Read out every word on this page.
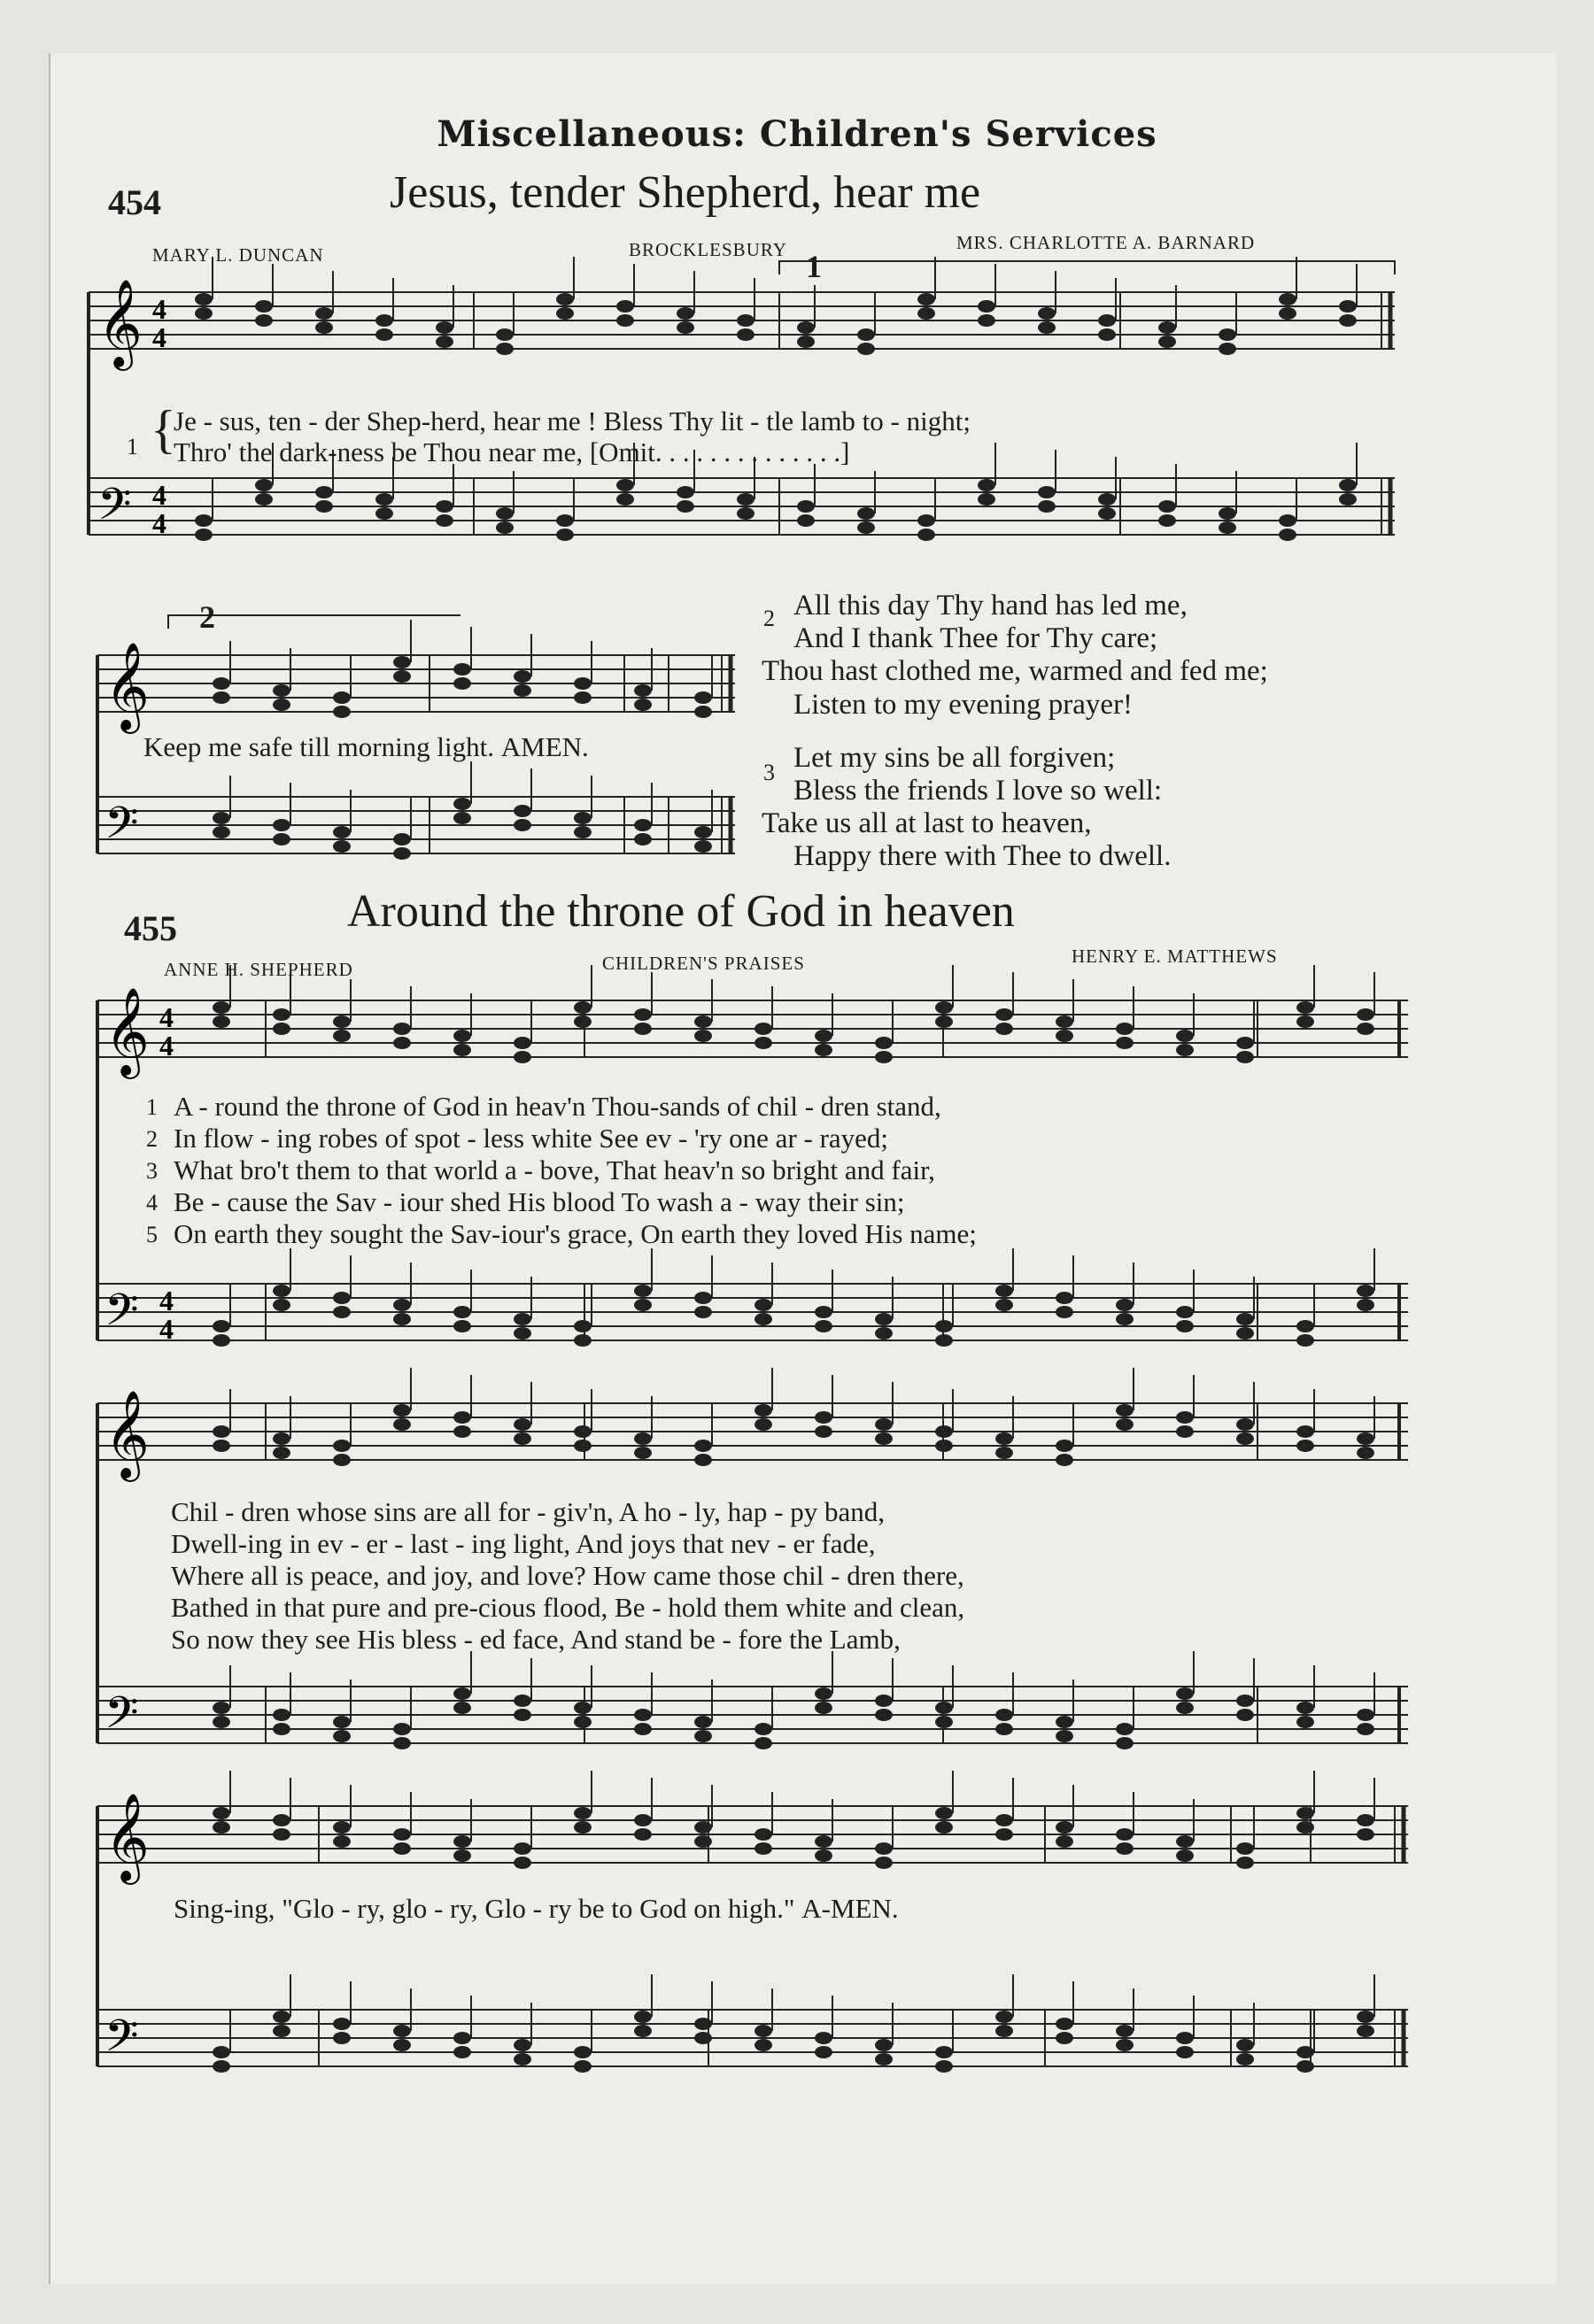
Miscellaneous: Children's Services
454	Jesus, tender Shepherd, hear me
MARY L. DUNCAN	BROCKLESBURY	MRS. CHARLOTTE A. BARNARD
𝄞
𝄢
4
4
4
4
1
1 {
Je - sus, ten - der Shep-herd, hear me ! Bless Thy lit - tle lamb to - night;
Thro' the dark-ness be Thou near me, [Omit. . . . . . . . . . . . . .]
𝄞
𝄢
2
Keep me safe till morning light. AMEN.
2 All this day Thy hand has led me,
And I thank Thee for Thy care;
Thou hast clothed me, warmed and fed me;
Listen to my evening prayer!
3 Let my sins be all forgiven;
Bless the friends I love so well:
Take us all at last to heaven,
Happy there with Thee to dwell.
455	Around the throne of God in heaven
ANNE H. SHEPHERD	CHILDREN'S PRAISES	HENRY E. MATTHEWS
𝄞
𝄢
4
4
4
4
1
2
3
4
5
A - round the throne of God in heav'n Thou-sands of chil - dren stand,
In flow - ing robes of spot - less white See ev - 'ry one ar - rayed;
What bro't them to that world a - bove, That heav'n so bright and fair,
Be - cause the Sav - iour shed His blood To wash a - way their sin;
On earth they sought the Sav-iour's grace, On earth they loved His name;
𝄞
𝄢
Chil - dren whose sins are all for - giv'n, A ho - ly, hap - py band,
Dwell-ing in ev - er - last - ing light, And joys that nev - er fade,
Where all is peace, and joy, and love? How came those chil - dren there,
Bathed in that pure and pre-cious flood, Be - hold them white and clean,
So now they see His bless - ed face, And stand be - fore the Lamb,
𝄞
𝄢
Sing-ing, "Glo - ry, glo - ry, Glo - ry be to God on high." A-MEN.
